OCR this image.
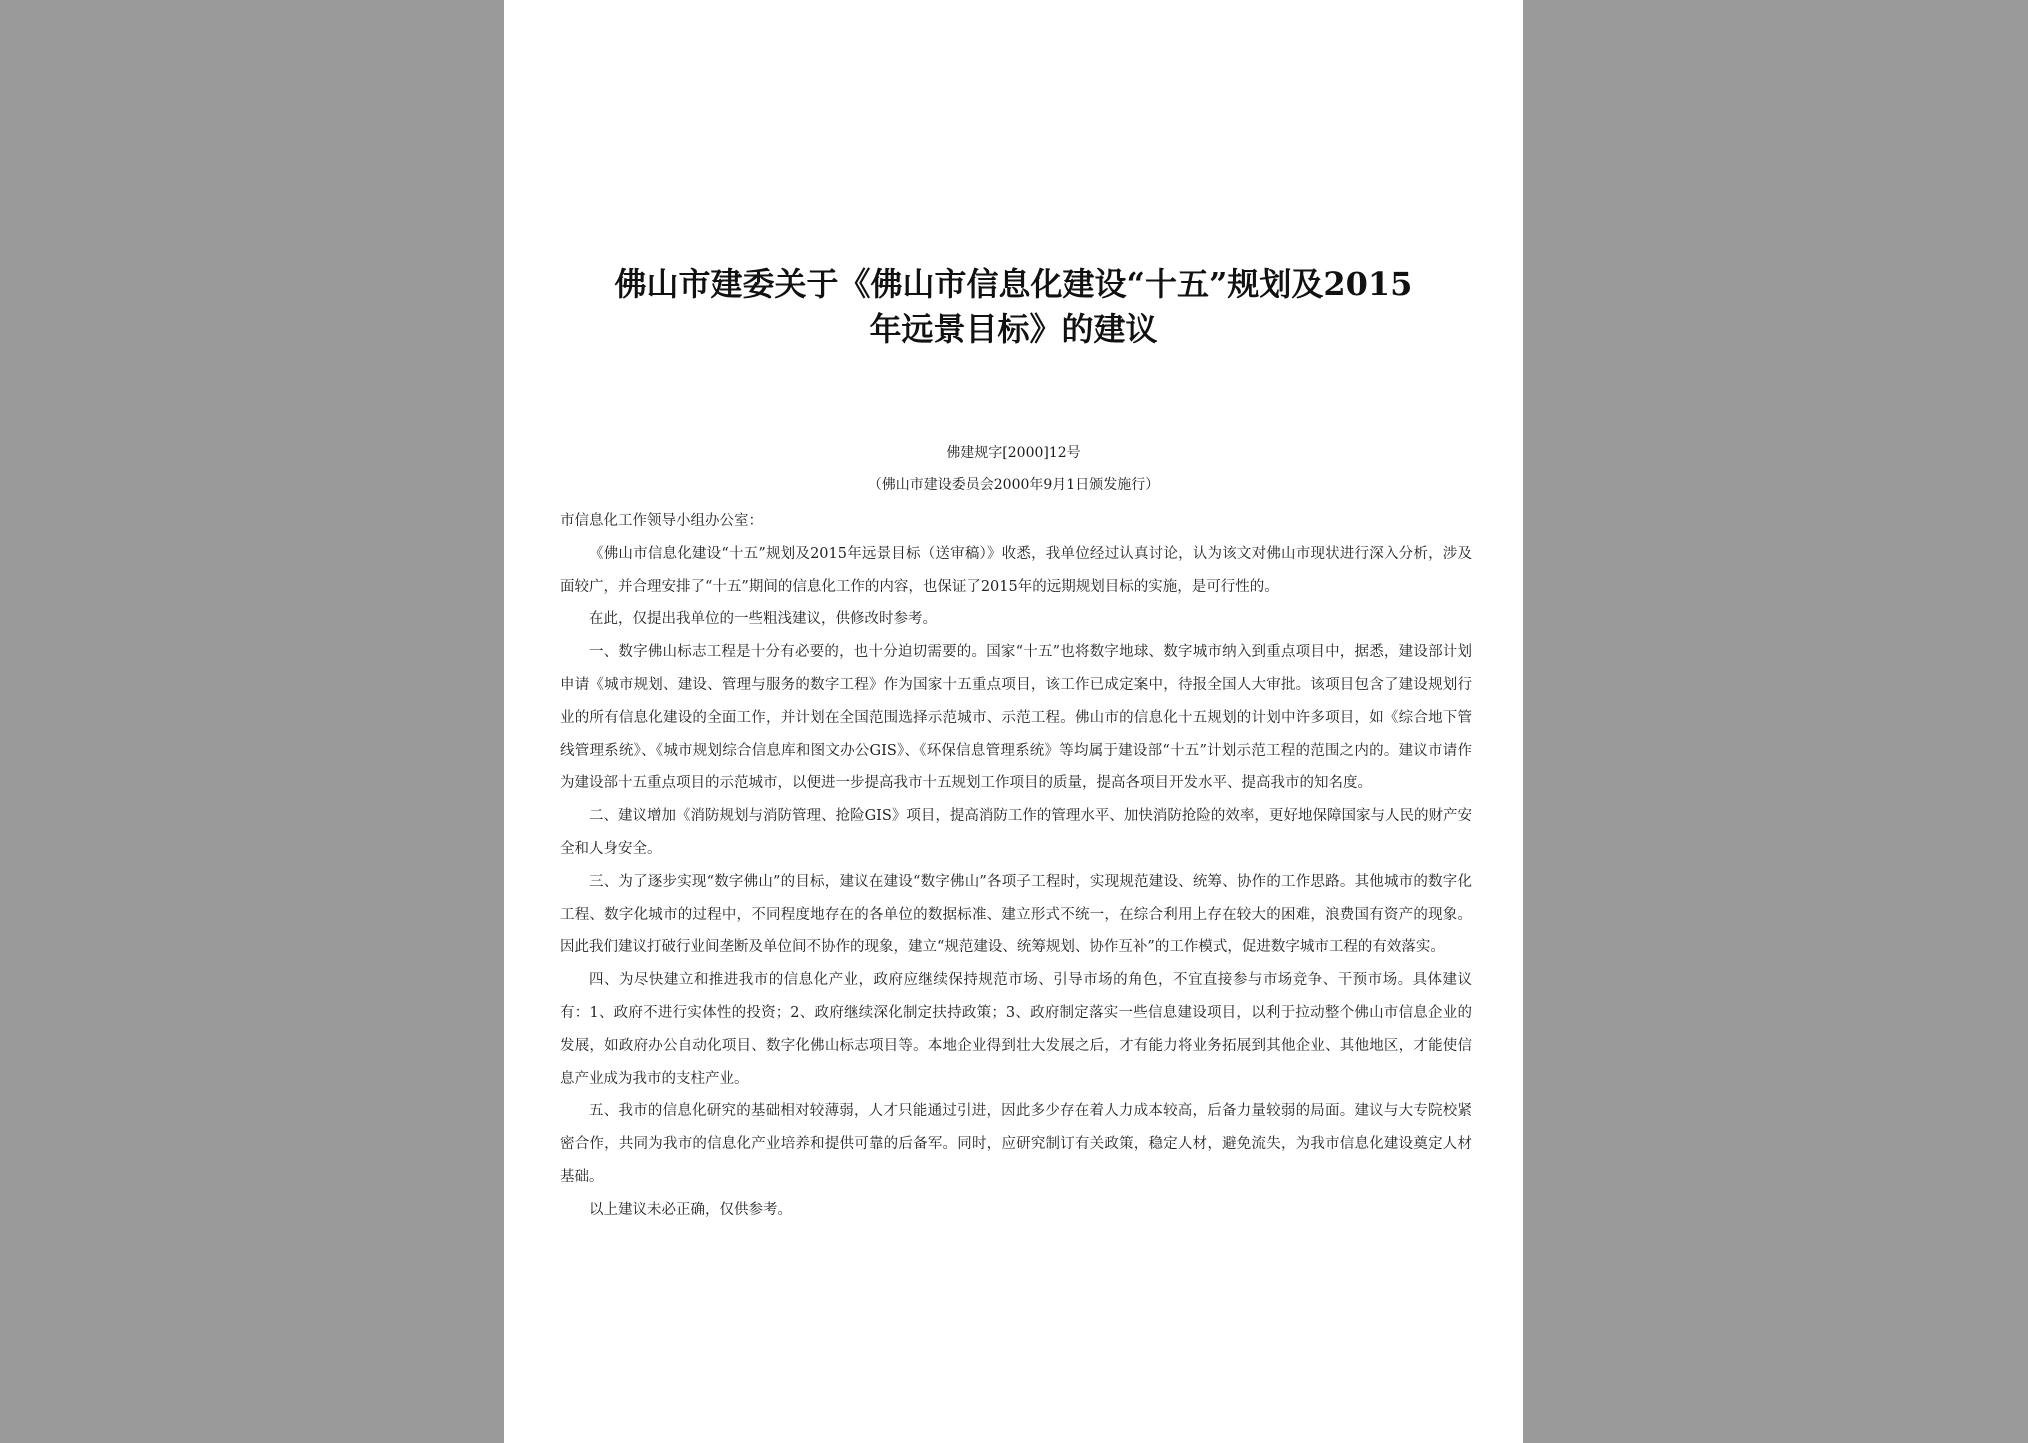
佛山市建委关于《佛山市信息化建设“十五”规划及2015
年远景目标》的建议

佛建规字[2000]12号

（佛山市建设委员会2000年9月1日颁发施行）

市信息化工作领导小组办公室：

《佛山市信息化建设“十五”规划及2015年远景目标（送审稿）》收悉，我单位经过认真讨论，认为该文对佛山市现状进行深入分析，涉及面较广，并合理安排了“十五”期间的信息化工作的内容，也保证了2015年的远期规划目标的实施，是可行性的。

在此，仅提出我单位的一些粗浅建议，供修改时参考。

一、数字佛山标志工程是十分有必要的，也十分迫切需要的。国家“十五”也将数字地球、数字城市纳入到重点项目中，据悉，建设部计划申请《城市规划、建设、管理与服务的数字工程》作为国家十五重点项目，该工作已成定案中，待报全国人大审批。该项目包含了建设规划行业的所有信息化建设的全面工作，并计划在全国范围选择示范城市、示范工程。佛山市的信息化十五规划的计划中许多项目，如《综合地下管线管理系统》、《城市规划综合信息库和图文办公GIS》、《环保信息管理系统》等均属于建设部“十五”计划示范工程的范围之内的。建议市请作为建设部十五重点项目的示范城市，以便进一步提高我市十五规划工作项目的质量，提高各项目开发水平、提高我市的知名度。

二、建议增加《消防规划与消防管理、抢险GIS》项目，提高消防工作的管理水平、加快消防抢险的效率，更好地保障国家与人民的财产安全和人身安全。

三、为了逐步实现“数字佛山”的目标，建议在建设“数字佛山”各项子工程时，实现规范建设、统筹、协作的工作思路。其他城市的数字化工程、数字化城市的过程中，不同程度地存在的各单位的数据标准、建立形式不统一，在综合利用上存在较大的困难，浪费国有资产的现象。因此我们建议打破行业间垄断及单位间不协作的现象，建立“规范建设、统筹规划、协作互补”的工作模式，促进数字城市工程的有效落实。

四、为尽快建立和推进我市的信息化产业，政府应继续保持规范市场、引导市场的角色，不宜直接参与市场竞争、干预市场。具体建议有：1、政府不进行实体性的投资；2、政府继续深化制定扶持政策；3、政府制定落实一些信息建设项目，以利于拉动整个佛山市信息企业的发展，如政府办公自动化项目、数字化佛山标志项目等。本地企业得到壮大发展之后，才有能力将业务拓展到其他企业、其他地区，才能使信息产业成为我市的支柱产业。

五、我市的信息化研究的基础相对较薄弱，人才只能通过引进，因此多少存在着人力成本较高，后备力量较弱的局面。建议与大专院校紧密合作，共同为我市的信息化产业培养和提供可靠的后备军。同时，应研究制订有关政策，稳定人材，避免流失，为我市信息化建设奠定人材基础。

以上建议未必正确，仅供参考。
